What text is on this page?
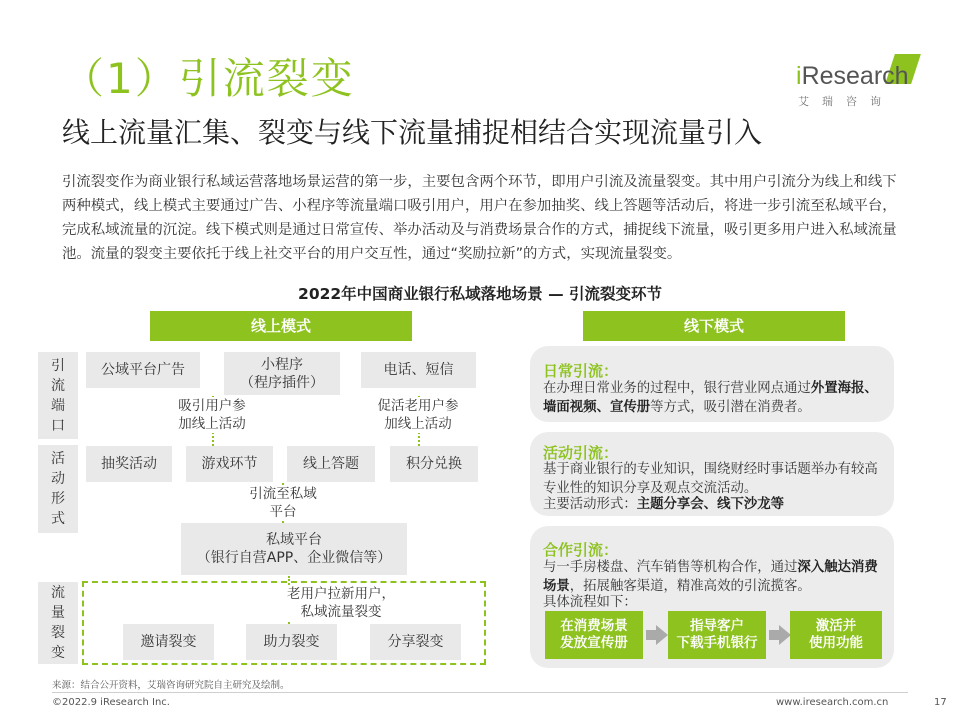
（1）引流裂变
线上流量汇集、裂变与线下流量捕捉相结合实现流量引入
iResearch
艾瑞咨询

引流裂变作为商业银行私域运营落地场景运营的第一步，主要包含两个环节，即用户引流及流量裂变。其中用户引流分为线上和线下两种模式，线上模式主要通过广告、小程序等流量端口吸引用户，用户在参加抽奖、线上答题等活动后，将进一步引流至私域平台，完成私域流量的沉淀。线下模式则是通过日常宣传、举办活动及与消费场景合作的方式，捕捉线下流量，吸引更多用户进入私域流量池。流量的裂变主要依托于线上社交平台的用户交互性，通过“奖励拉新”的方式，实现流量裂变。

2022年中国商业银行私域落地场景 — 引流裂变环节
线上模式
引流端口
活动形式
流量裂变
公域平台广告	小程序
（程序插件）
电话、短信
吸引用户参
加线上活动
促活老用户参
加线上活动
抽奖活动	游戏环节	线上答题	积分兑换
引流至私域
平台
私域平台
（银行自营APP、企业微信等）
老用户拉新用户，
私域流量裂变
邀请裂变	助力裂变	分享裂变
线下模式
日常引流：

在办理日常业务的过程中，银行营业网点通过外置海报、墙面视频、宣传册等方式，吸引潜在消费者。

活动引流：

基于商业银行的专业知识，围绕财经时事话题举办有较高专业性的知识分享及观点交流活动。

主要活动形式：主题分享会、线下沙龙等

合作引流：

与一手房楼盘、汽车销售等机构合作，通过深入触达消费场景，拓展触客渠道，精准高效的引流揽客。

具体流程如下：
在消费场景
发放宣传册
指导客户
下载手机银行
激活并
使用功能
来源：结合公开资料，艾瑞咨询研究院自主研究及绘制。
©2022.9 iResearch Inc.	www.iresearch.com.cn	17
